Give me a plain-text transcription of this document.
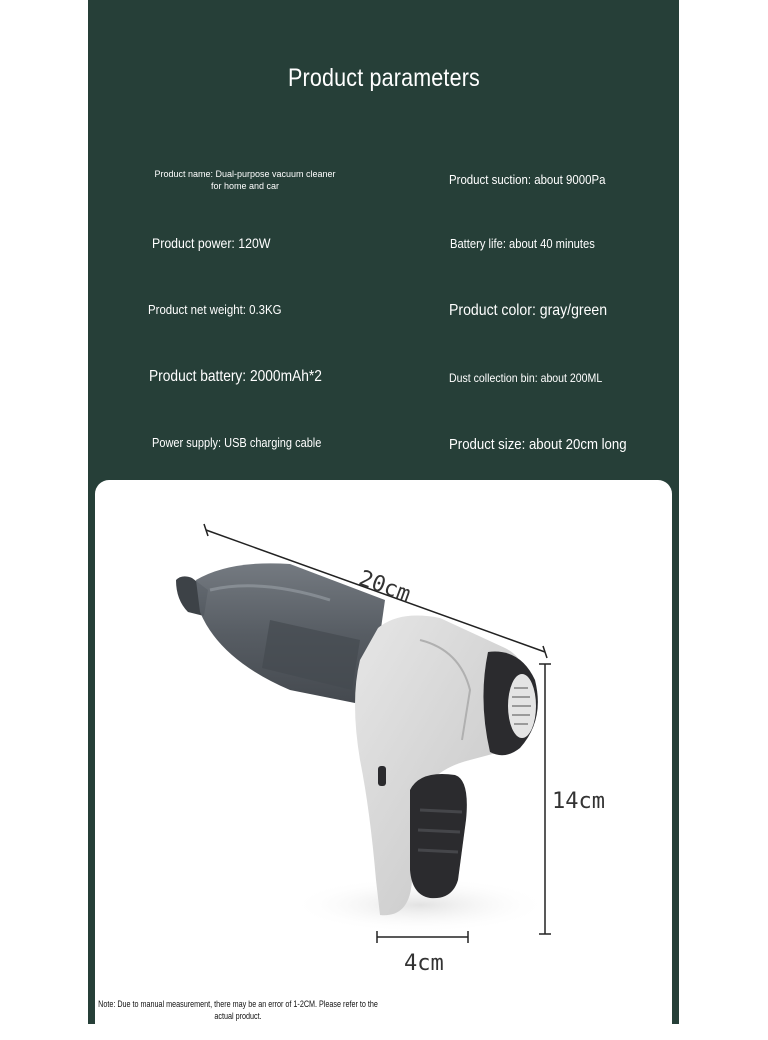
Product parameters
Product name: Dual-purpose vacuum cleaner for home and car
Product power: 120W
Product net weight: 0.3KG
Product battery: 2000mAh*2
Power supply: USB charging cable
Product suction: about 9000Pa
Battery life: about 40 minutes
Product color: gray/green
Dust collection bin: about 200ML
Product size: about 20cm long
20cm
14cm
4cm
Note: Due to manual measurement, there may be an error of 1-2CM. Please refer to the actual product.
